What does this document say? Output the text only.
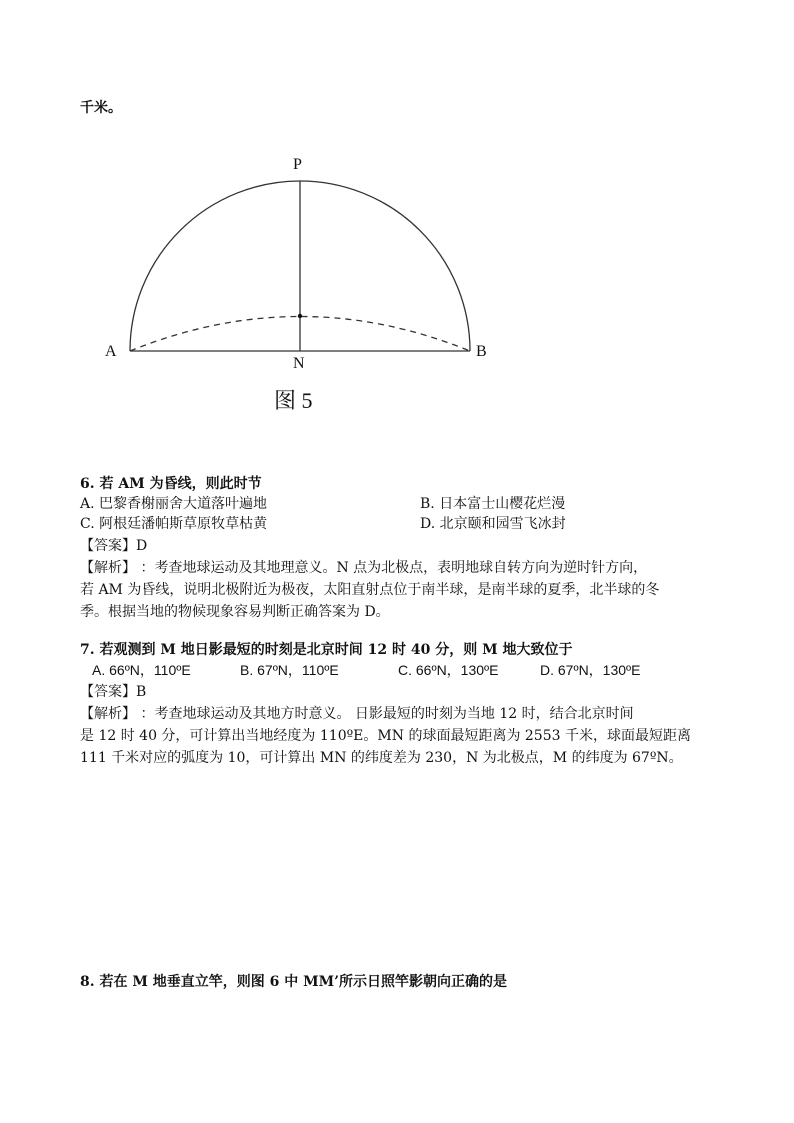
千米。
P
N
A	B
图 5
6. 若 AM 为昏线，则此时节
A. 巴黎香榭丽舍大道落叶遍地	B. 日本富士山樱花烂漫
C. 阿根廷潘帕斯草原牧草枯黄	D. 北京颐和园雪飞冰封
【答案】D
【解析】 ：考查地球运动及其地理意义。N 点为北极点，表明地球自转方向为逆时针方向，
若 AM 为昏线，说明北极附近为极夜，太阳直射点位于南半球，是南半球的夏季，北半球的冬
季。根据当地的物候现象容易判断正确答案为 D。
7. 若观测到 M 地日影最短的时刻是北京时间 12 时 40 分，则 M 地大致位于
A. 66ºN，110ºE	B. 67ºN，110ºE	C. 66ºN，130ºE	D. 67ºN，130ºE
【答案】B
【解析】 ：考查地球运动及其地方时意义。 日影最短的时刻为当地 12 时，结合北京时间
是 12 时 40 分，可计算出当地经度为 110ºE。MN 的球面最短距离为 2553 千米，球面最短距离
111 千米对应的弧度为 10，可计算出 MN 的纬度差为 230，N 为北极点，M 的纬度为 67ºN。
8. 若在 M 地垂直立竿，则图 6 中 MM’所示日照竿影朝向正确的是
